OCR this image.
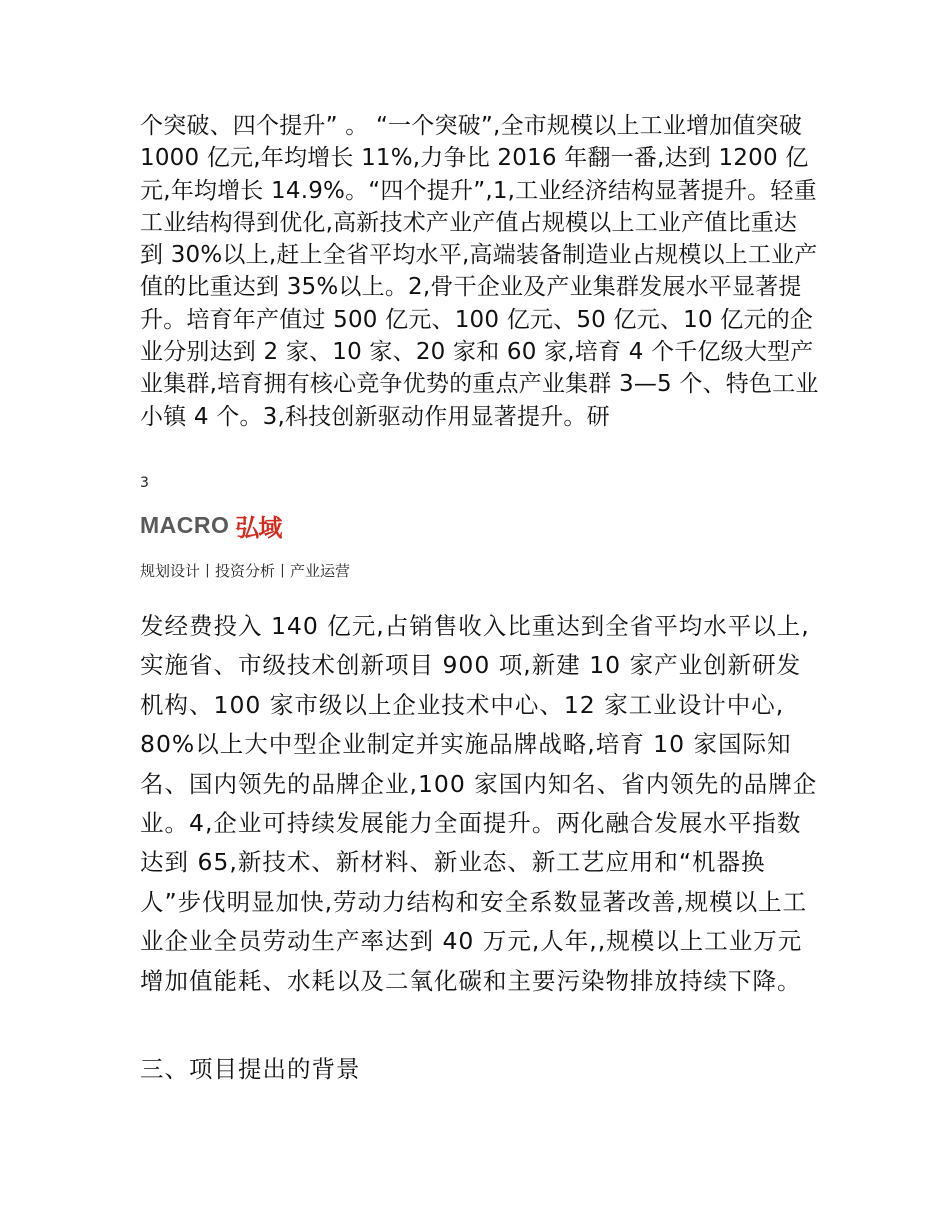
个突破、四个提升” 。 “一个突破”,全市规模以上工业增加值突破 1000 亿元,年均增长 11%,力争比 2016 年翻一番,达到 1200 亿元,年均增长 14.9%。“四个提升”,1,工业经济结构显著提升。轻重工业结构得到优化,高新技术产业产值占规模以上工业产值比重达到 30%以上,赶上全省平均水平,高端装备制造业占规模以上工业产值的比重达到 35%以上。2,骨干企业及产业集群发展水平显著提升。培育年产值过 500 亿元、100 亿元、50 亿元、10 亿元的企业分别达到 2 家、10 家、20 家和 60 家,培育 4 个千亿级大型产业集群,培育拥有核心竞争优势的重点产业集群 3—5 个、特色工业小镇 4 个。3,科技创新驱动作用显著提升。研

3
MACRO 弘域

规划设计丨投资分析丨产业运营

发经费投入 140 亿元,占销售收入比重达到全省平均水平以上,实施省、市级技术创新项目 900 项,新建 10 家产业创新研发机构、100 家市级以上企业技术中心、12 家工业设计中心, 80%以上大中型企业制定并实施品牌战略,培育 10 家国际知名、国内领先的品牌企业,100 家国内知名、省内领先的品牌企业。4,企业可持续发展能力全面提升。两化融合发展水平指数达到 65,新技术、新材料、新业态、新工艺应用和“机器换人”步伐明显加快,劳动力结构和安全系数显著改善,规模以上工业企业全员劳动生产率达到 40 万元,人年,,规模以上工业万元增加值能耗、水耗以及二氧化碳和主要污染物排放持续下降。

三、项目提出的背景
